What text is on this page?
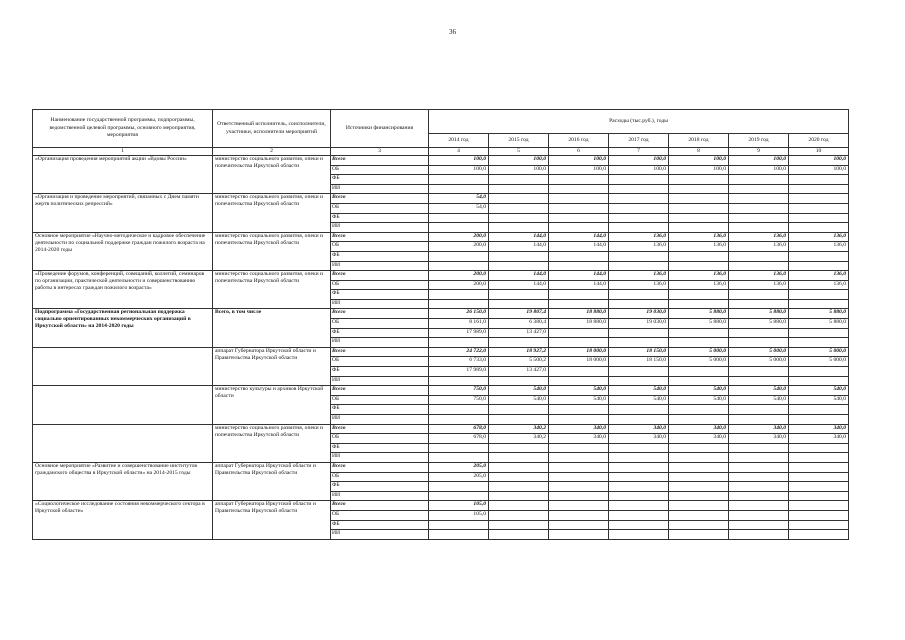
36
Наименование государственной программы, подпрограммы, ведомственной целевой программы, основного мероприятия, мероприятия	Ответственный исполнитель, соисполнители, участники, исполнители мероприятий	Источники финансирования	Расходы (тыс.руб.), годы						
			2014 год	2015 год	2016 год	2017 год	2018 год	2019 год	2020 год
1	2	3	4	5	6	7	8	9	10
«Организация проведения мероприятий акции «Вдовы России»	министерство социального развития, опеки и попечительства Иркутской области	Всего	100,0	100,0	100,0	100,0	100,0	100,0	100,0
		ОБ	100,0	100,0	100,0	100,0	100,0	100,0	100,0
		ФБ							
		ИИ							
«Организация и проведение мероприятий, связанных с Днем памяти жертв политических репрессий»	министерство социального развития, опеки и попечительства Иркутской области	Всего	54,0						
		ОБ	54,0						
		ФБ							
		ИИ							
Основное мероприятие «Научно-методическое и кадровое обеспечение деятельности по социальной поддержке граждан пожилого возраста на 2014-2020 годы	министерство социального развития, опеки и попечительства Иркутской области	Всего	200,0	144,0	144,0	136,0	136,0	136,0	136,0
		ОБ	200,0	144,0	144,0	136,0	136,0	136,0	136,0
		ФБ							
		ИИ							
«Проведение форумов, конференций, совещаний, коллегий, семинаров по организации, практической деятельности и совершенствованию работы в интересах граждан пожилого возраста»	министерство социального развития, опеки и попечительства Иркутской области	Всего	200,0	144,0	144,0	136,0	136,0	136,0	136,0
		ОБ	200,0	144,0	144,0	136,0	136,0	136,0	136,0
		ФБ							
		ИИ							
Подпрограмма «Государственная региональная поддержка социально ориентированных некоммерческих организаций в Иркутской области» на 2014-2020 годы	Всего, в том числе	Всего	26 150,0	19 807,4	18 880,0	19 030,0	5 880,0	5 880,0	5 880,0
		ОБ	8 161,0	6 380,4	18 880,0	19 030,0	5 880,0	5 880,0	5 880,0
		ФБ	17 989,0	13 427,0					
		ИИ							
	аппарат Губернатора Иркутской области и Правительства Иркутской области	Всего	24 722,0	18 927,2	18 000,0	18 150,0	5 000,0	5 000,0	5 000,0
		ОБ	6 733,0	5 500,2	18 000,0	18 150,0	5 000,0	5 000,0	5 000,0
		ФБ	17 989,0	13 427,0					
		ИИ							
	министерство культуры и архивов Иркутской области	Всего	750,0	540,0	540,0	540,0	540,0	540,0	540,0
		ОБ	750,0	540,0	540,0	540,0	540,0	540,0	540,0
		ФБ							
		ИИ							
	министерство социального развития, опеки и попечительства Иркутской области	Всего	678,0	340,2	340,0	340,0	340,0	340,0	340,0
		ОБ	678,0	340,2	340,0	340,0	340,0	340,0	340,0
		ФБ							
		ИИ							
Основное мероприятие «Развитие и совершенствование институтов гражданского общества в Иркутской области» на 2014-2015 годы	аппарат Губернатора Иркутской области и Правительства Иркутской области	Всего	205,0						
		ОБ	205,0						
		ФБ							
		ИИ							
«Социологическое исследование состояния некоммерческого сектора в Иркутской области»	аппарат Губернатора Иркутской области и Правительства Иркутской области	Всего	105,0						
		ОБ	105,0						
		ФБ							
		ИИ							
